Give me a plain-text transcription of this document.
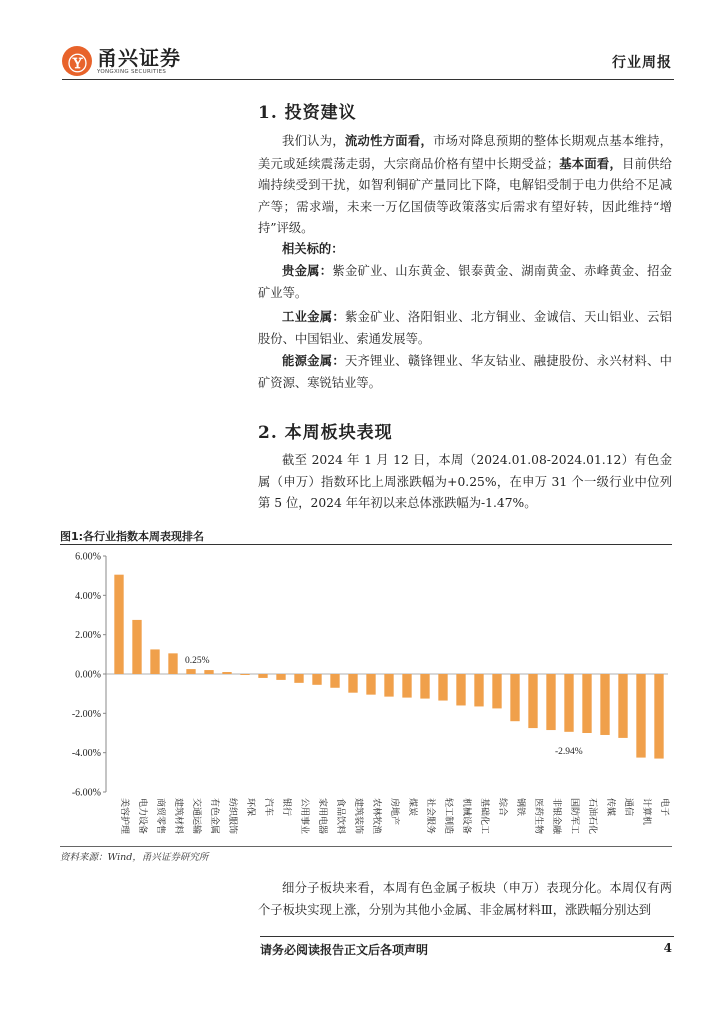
Ⓨ 甬兴证券
YONGXING SECURITIES
行业周报
1. 投资建议
我们认为，流动性方面看，市场对降息预期的整体长期观点基本维持，美元或延续震荡走弱，大宗商品价格有望中长期受益；基本面看，目前供给端持续受到干扰，如智利铜矿产量同比下降，电解铝受制于电力供给不足减产等；需求端，未来一万亿国债等政策落实后需求有望好转，因此维持“增持”评级。
相关标的：
贵金属：紫金矿业、山东黄金、银泰黄金、湖南黄金、赤峰黄金、招金矿业等。
工业金属：紫金矿业、洛阳钼业、北方铜业、金诚信、天山铝业、云铝股份、中国铝业、索通发展等。
能源金属：天齐锂业、赣锋锂业、华友钴业、融捷股份、永兴材料、中矿资源、寒锐钴业等。
2. 本周板块表现
截至 2024 年 1 月 12 日，本周（2024.01.08-2024.01.12）有色金属（申万）指数环比上周涨跌幅为+0.25%，在申万 31 个一级行业中位列第 5 位，2024 年年初以来总体涨跌幅为-1.47%。
图1:各行业指数本周表现排名
6.00%
4.00%
2.00%
0.00%
-2.00%
-4.00%
-6.00%
美容护理 电力设备 商贸零售 建筑材料 交通运输
0.25%
有色金属 纺织服饰 环保 汽车 银行 公用事业 家用电器 食品饮料 建筑装饰 农林牧渔 房地产 煤炭 社会服务 轻工制造 机械设备 基础化工 综合 钢铁 医药生物 非银金融 国防军工
-2.94%
石油石化 传媒 通信 计算机 电子
资料来源：Wind，甬兴证券研究所
细分子板块来看，本周有色金属子板块（申万）表现分化。本周仅有两个子板块实现上涨，分别为其他小金属、非金属材料Ⅲ，涨跌幅分别达到
请务必阅读报告正文后各项声明	4
